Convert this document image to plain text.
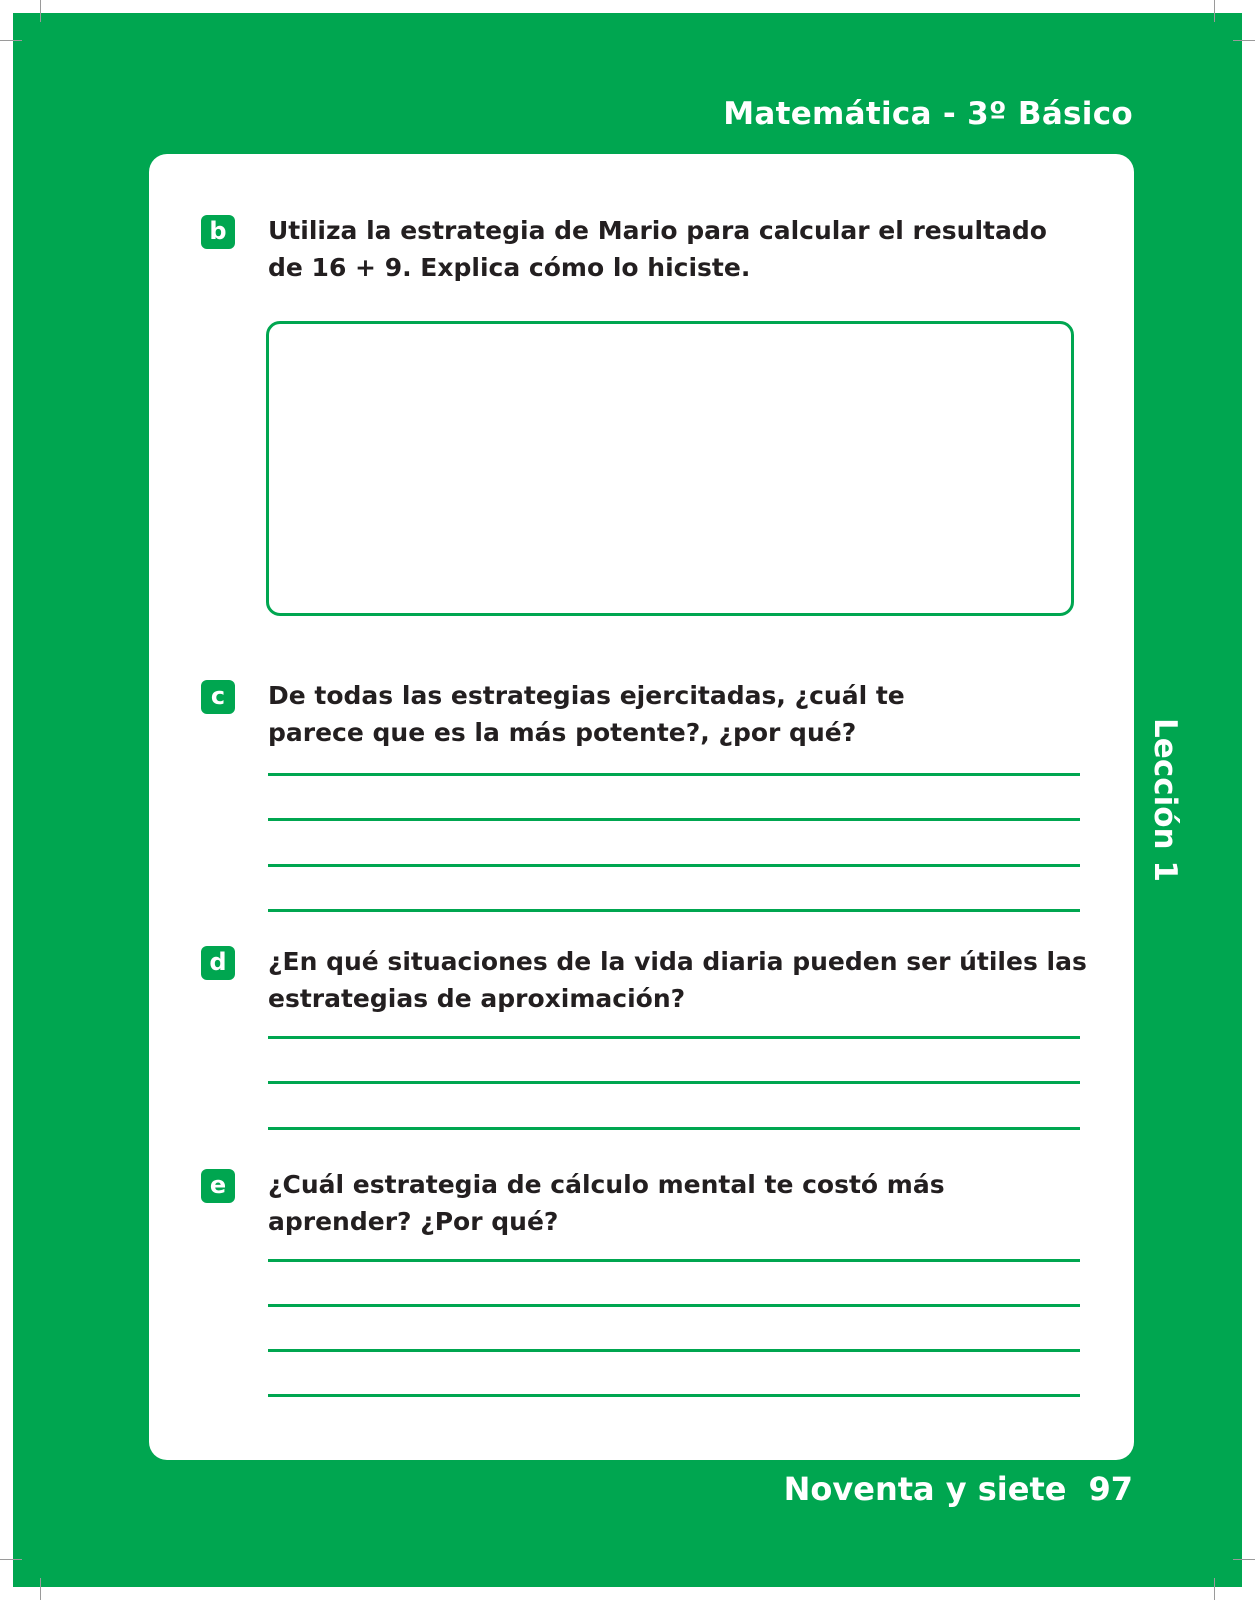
Matemática - 3º Básico
Lección 1
b	Utiliza la estrategia de Mario para calcular el resultado de 16 + 9. Explica cómo lo hiciste.
c	De todas las estrategias ejercitadas, ¿cuál te parece que es la más potente?, ¿por qué?
d	¿En qué situaciones de la vida diaria pueden ser útiles las estrategias de aproximación?
e	¿Cuál estrategia de cálculo mental te costó más aprender? ¿Por qué?
Noventa y siete 97
